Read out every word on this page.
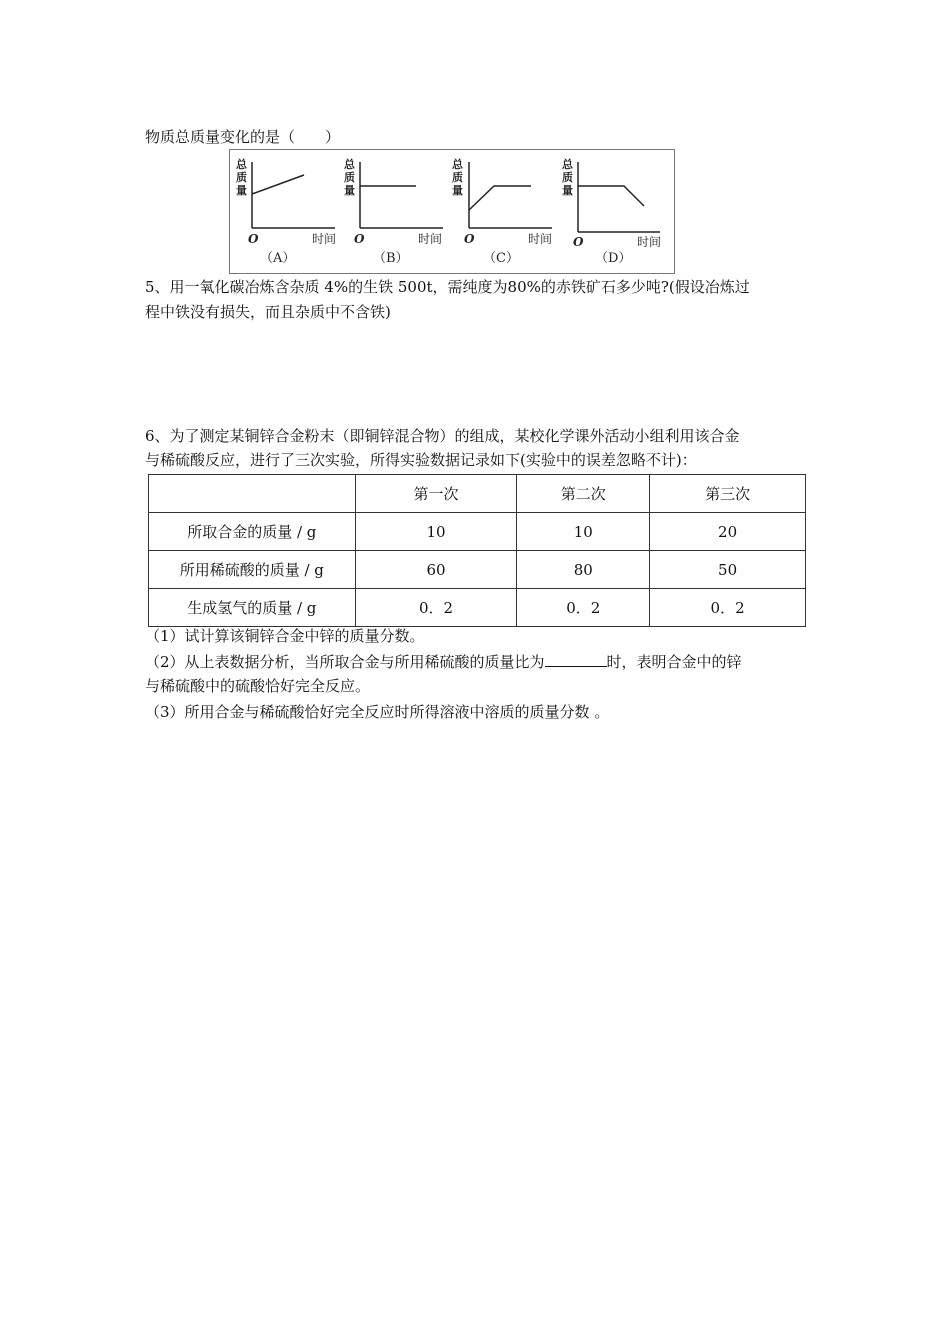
物质总质量变化的是（　　）
总
质
量
O	时间
（A）
总
质
量
O	时间
（B）
总
质
量
O	时间
（C）
总
质
量
O	时间
（D）
5、用一氧化碳冶炼含杂质 4%的生铁 500t，需纯度为80%的赤铁矿石多少吨?(假设冶炼过
程中铁没有损失，而且杂质中不含铁)
6、为了测定某铜锌合金粉末（即铜锌混合物）的组成，某校化学课外活动小组利用该合金
与稀硫酸反应，进行了三次实验，所得实验数据记录如下(实验中的误差忽略不计)：
	第一次	第二次	第三次
所取合金的质量 / g	10	10	20
所用稀硫酸的质量 / g	60	80	50
生成氢气的质量 / g	0．2	0．2	0．2
（1）试计算该铜锌合金中锌的质量分数。
（2）从上表数据分析，当所取合金与所用稀硫酸的质量比为	时，表明合金中的锌
与稀硫酸中的硫酸恰好完全反应。
（3）所用合金与稀硫酸恰好完全反应时所得溶液中溶质的质量分数 。
